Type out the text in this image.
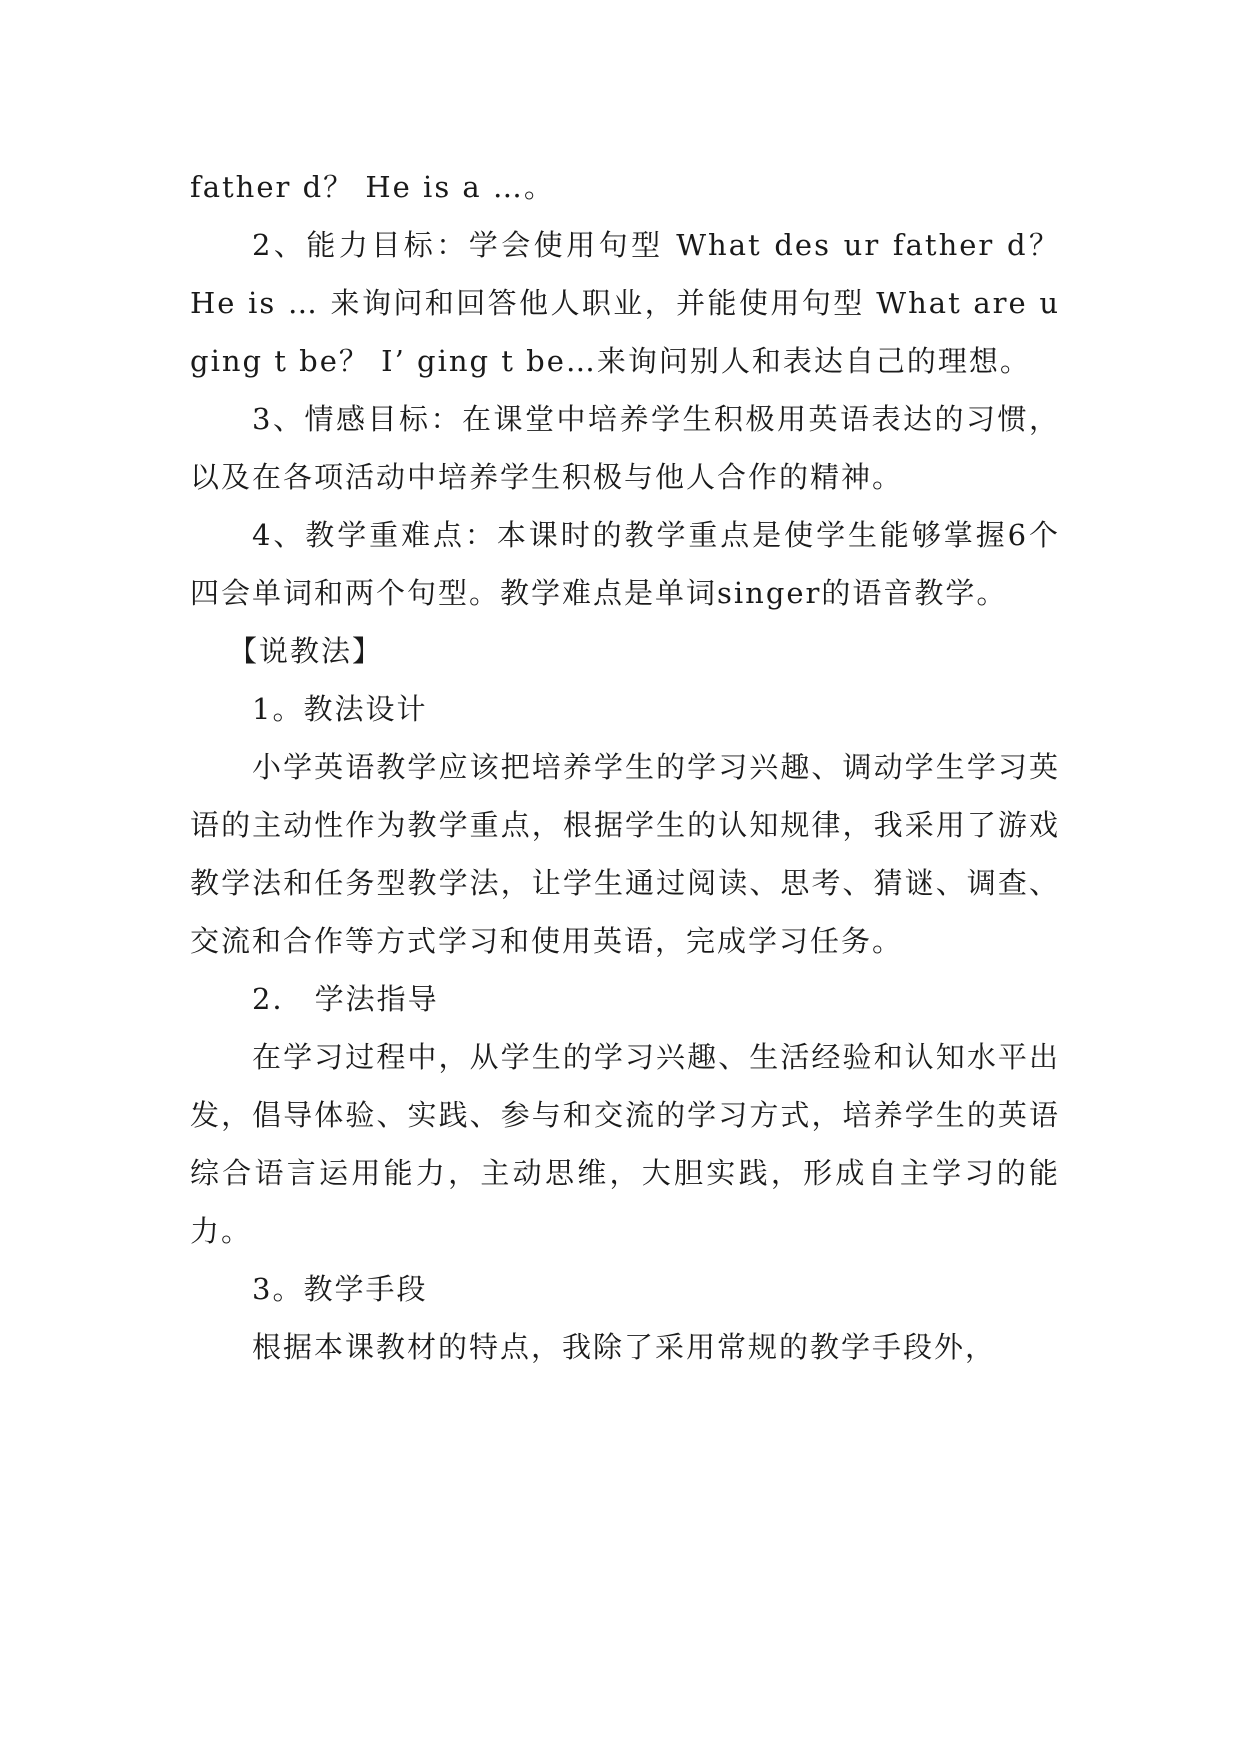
father d？ He is a …。

2、能力目标：学会使用句型 What des ur father d？He is … 来询问和回答他人职业，并能使用句型 What are u ging t be？ I’ ging t be…来询问别人和表达自己的理想。

3、情感目标：在课堂中培养学生积极用英语表达的习惯，以及在各项活动中培养学生积极与他人合作的精神。

4、教学重难点：本课时的教学重点是使学生能够掌握6个四会单词和两个句型。教学难点是单词singer的语音教学。

【说教法】

1。教法设计

小学英语教学应该把培养学生的学习兴趣、调动学生学习英语的主动性作为教学重点，根据学生的认知规律，我采用了游戏教学法和任务型教学法，让学生通过阅读、思考、猜谜、调查、交流和合作等方式学习和使用英语，完成学习任务。

2． 学法指导

在学习过程中，从学生的学习兴趣、生活经验和认知水平出发，倡导体验、实践、参与和交流的学习方式，培养学生的英语综合语言运用能力，主动思维，大胆实践，形成自主学习的能力。

3。教学手段

根据本课教材的特点，我除了采用常规的教学手段外，
